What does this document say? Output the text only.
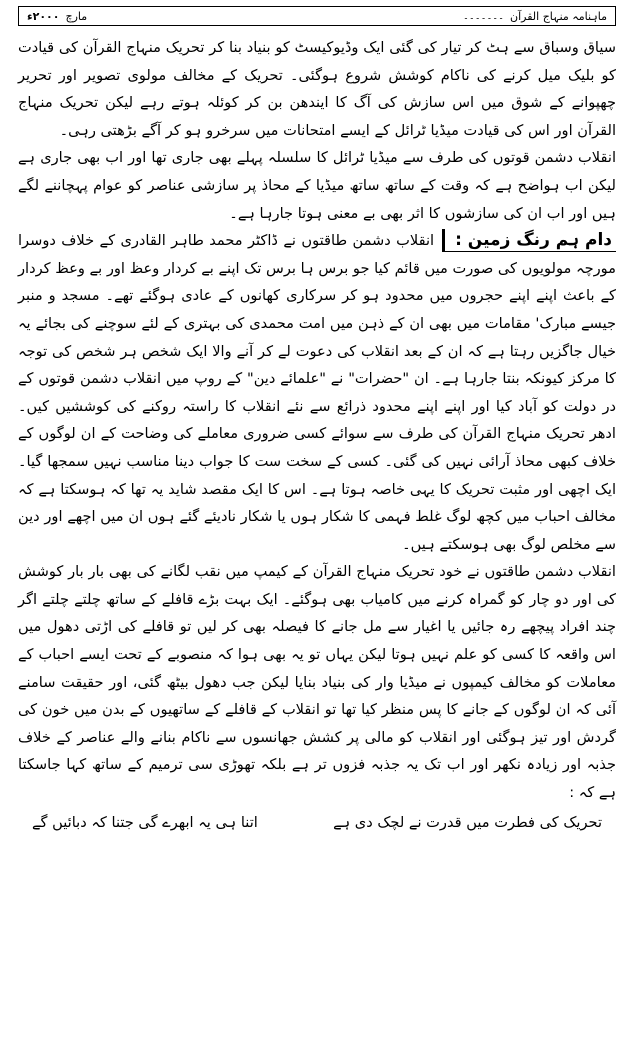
ماہنامہ منہاج القرآن
۔۔۔۔۔۔۔
مارچ
۲۰۰۰ء

سیاق وسباق سے ہٹ کر تیار کی گئی ایک وڈیوکیسٹ کو بنیاد بنا کر تحریک منہاج القرآن کی قیادت کو بلیک میل کرنے کی ناکام کوشش شروع ہوگئی۔ تحریک کے مخالف مولوی تصویر اور تحریر چھپوانے کے شوق میں اس سازش کی آگ کا ایندھن بن کر کوئلہ ہوتے رہے لیکن تحریک منہاج القرآن اور اس کی قیادت میڈیا ٹرائل کے ایسے امتحانات میں سرخرو ہو کر آگے بڑھتی رہی۔

انقلاب دشمن قوتوں کی طرف سے میڈیا ٹرائل کا سلسلہ پہلے بھی جاری تھا اور اب بھی جاری ہے لیکن اب ہواضح ہے کہ وقت کے ساتھ ساتھ میڈیا کے محاذ پر سازشی عناصر کو عوام پہچاننے لگے ہیں اور اب ان کی سازشوں کا اثر بھی بے معنی ہوتا جارہا ہے۔

دام ہم رنگ زمین :انقلاب دشمن طاقتوں نے ڈاکٹر محمد طاہر القادری کے خلاف دوسرا مورچہ مولویوں کی صورت میں قائم کیا جو برس ہا برس تک اپنے بے کردار وعظ اور بے وعظ کردار کے باعث اپنے اپنے حجروں میں محدود ہو کر سرکاری کھانوں کے عادی ہوگئے تھے۔ مسجد و منبر جیسے مبارک' مقامات میں بھی ان کے ذہن میں امت محمدی کی بہتری کے لئے سوچنے کی بجائے یہ خیال جاگزیں رہتا ہے کہ ان کے بعد انقلاب کی دعوت لے کر آنے والا ایک شخص ہر شخص کی توجہ کا مرکز کیونکہ بنتا جارہا ہے۔ ان "حضرات" نے "علمائے دین" کے روپ میں انقلاب دشمن قوتوں کے در دولت کو آباد کیا اور اپنے اپنے محدود ذرائع سے نئے انقلاب کا راستہ روکنے کی کوششیں کیں۔ ادھر تحریک منہاج القرآن کی طرف سے سوائے کسی ضروری معاملے کی وضاحت کے ان لوگوں کے خلاف کبھی محاذ آرائی نہیں کی گئی۔ کسی کے سخت ست کا جواب دینا مناسب نہیں سمجھا گیا۔ ایک اچھی اور مثبت تحریک کا یہی خاصہ ہوتا ہے۔ اس کا ایک مقصد شاید یہ تھا کہ ہوسکتا ہے کہ مخالف احباب میں کچھ لوگ غلط فہمی کا شکار ہوں یا شکار نادیئے گئے ہوں ان میں اچھے اور دین سے مخلص لوگ بھی ہوسکتے ہیں۔

انقلاب دشمن طاقتوں نے خود تحریک منہاج القرآن کے کیمپ میں نقب لگانے کی بھی بار بار کوشش کی اور دو چار کو گمراہ کرنے میں کامیاب بھی ہوگئے۔ ایک بہت بڑے قافلے کے ساتھ چلتے چلتے اگر چند افراد پیچھے رہ جائیں یا اغیار سے مل جانے کا فیصلہ بھی کر لیں تو قافلے کی اڑتی دھول میں اس واقعہ کا کسی کو علم نہیں ہوتا لیکن یہاں تو یہ بھی ہوا کہ منصوبے کے تحت ایسے احباب کے معاملات کو مخالف کیمپوں نے میڈیا وار کی بنیاد بنایا لیکن جب دھول بیٹھ گئی، اور حقیقت سامنے آئی کہ ان لوگوں کے جانے کا پس منظر کیا تھا تو انقلاب کے قافلے کے ساتھیوں کے بدن میں خون کی گردش اور تیز ہوگئی اور انقلاب کو مالی پر کشش جھانسوں سے ناکام بنانے والے عناصر کے خلاف جذبہ اور زیادہ نکھر اور اب تک یہ جذبہ فزوں تر ہے بلکہ تھوڑی سی ترمیم کے ساتھ کہا جاسکتا ہے کہ :

تحریک کی فطرت میں قدرت نے لچک دی ہے
اتنا ہی یہ ابھرے گی جتنا کہ دبائیں گے
